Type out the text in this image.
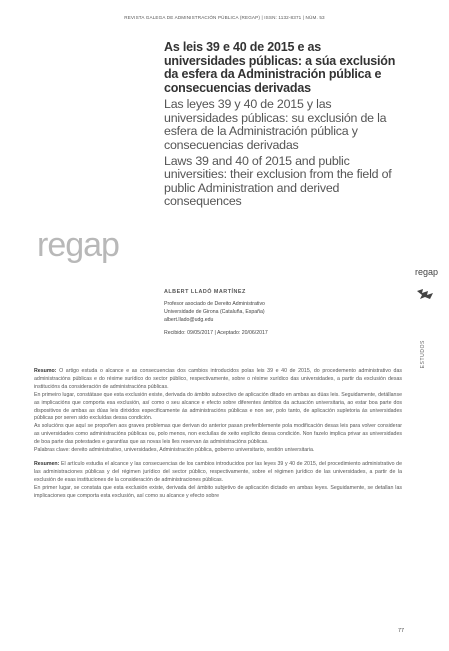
REVISTA GALEGA DE ADMINISTRACIÓN PÚBLICA (REGAP) | ISSN: 1132-8371 | NÚM. 53
As leis 39 e 40 de 2015 e as universidades públicas: a súa exclusión da esfera da Administración pública e consecuencias derivadas
Las leyes 39 y 40 de 2015 y las universidades públicas: su exclusión de la esfera de la Administración pública y consecuencias derivadas
Laws 39 and 40 of 2015 and public universities: their exclusion from the field of public Administration and derived consequences
regap
ALBERT LLADÓ MARTÍNEZ
Profesor asociado de Dereito Administrativo
Universidade de Girona (Cataluña, España)
albert.llado@udg.edu
Recibido: 09/05/2017 | Aceptado: 20/06/2017
regap
ESTUDOS

Resumo: O artigo estuda o alcance e as consecuencias dos cambios introducidos polas leis 39 e 40 de 2015, do procedemento administrativo das administracións públicas e do réxime xurídico do sector público, respectivamente, sobre o réxime xurídico das universidades, a partir da exclusión desas institucións da consideración de administracións públicas.

En primeiro lugar, constátase que esta exclusión existe, derivada do ámbito subxectivo de aplicación ditado en ambas as dúas leis. Seguidamente, detállanse as implicacións que comporta esa exclusión, así como o seu alcance e efecto sobre diferentes ámbitos da actuación universitaria, ao estar boa parte dos dispositivos de ambas as dúas leis dirixidos especificamente ás administracións públicas e non ser, polo tanto, de aplicación supletoria ás universidades públicas por seren sido excluídas dessa condición.

As solucións que aquí se propoñen aos graves problemas que derivan do anterior pasan preferiblemente pola modificación desas leis para volver considerar as universidades como administracións públicas ou, polo menos, non excluílas de xeito explícito dessa condición. Non fazelo implica privar as universidades de boa parte das potestades e garantías que as novas leis lles reservan ás administracións públicas.

Palabras clave: dereito administrativo, universidades, Administración pública, goberno universitario, xestión universitaria.

Resumen: El artículo estudia el alcance y las consecuencias de los cambios introducidos por las leyes 39 y 40 de 2015, del procedimiento administrativo de las administraciones públicas y del régimen jurídico del sector público, respectivamente, sobre el régimen jurídico de las universidades, a partir de la exclusión de esas instituciones de la consideración de administraciones públicas.

En primer lugar, se constata que esta exclusión existe, derivada del ámbito subjetivo de aplicación dictado en ambas leyes. Seguidamente, se detallan las implicaciones que comporta esta exclusión, así como su alcance y efecto sobre

77
